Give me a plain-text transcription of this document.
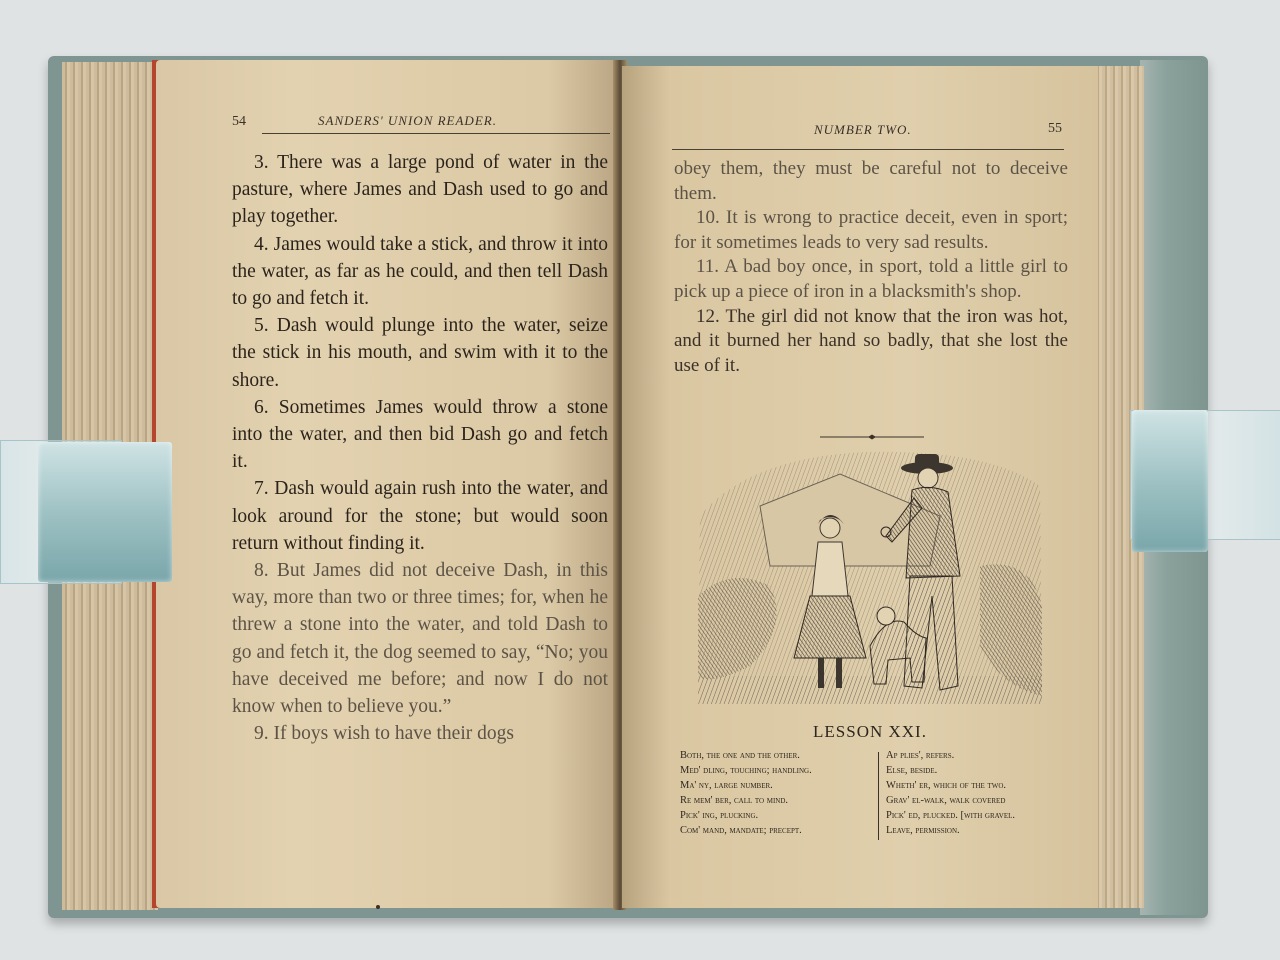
54	SANDERS' UNION READER.

3. There was a large pond of water in the pasture, where James and Dash used to go and play together.

4. James would take a stick, and throw it into the water, as far as he could, and then tell Dash to go and fetch it.

5. Dash would plunge into the water, seize the stick in his mouth, and swim with it to the shore.

6. Sometimes James would throw a stone into the water, and then bid Dash go and fetch it.

7. Dash would again rush into the water, and look around for the stone; but would soon return without finding it.

8. But James did not deceive Dash, in this way, more than two or three times; for, when he threw a stone into the water, and told Dash to go and fetch it, the dog seemed to say, “No; you have deceived me before; and now I do not know when to believe you.”

9. If boys wish to have their dogs

NUMBER TWO.	55

obey them, they must be careful not to deceive them.

10. It is wrong to practice deceit, even in sport; for it sometimes leads to very sad results.

11. A bad boy once, in sport, told a little girl to pick up a piece of iron in a blacksmith's shop.

12. The girl did not know that the iron was hot, and it burned her hand so badly, that she lost the use of it.

LESSON XXI.
Both, the one and the other.
Med' dling, touching; handling.
Ma' ny, large number.
Re mem' ber, call to mind.
Pick' ing, plucking.
Com' mand, mandate; precept.
Ap plies', refers.
Else, beside.
Wheth' er, which of the two.
Grav' el-walk, walk covered
Pick' ed, plucked. [with gravel.
Leave, permission.
